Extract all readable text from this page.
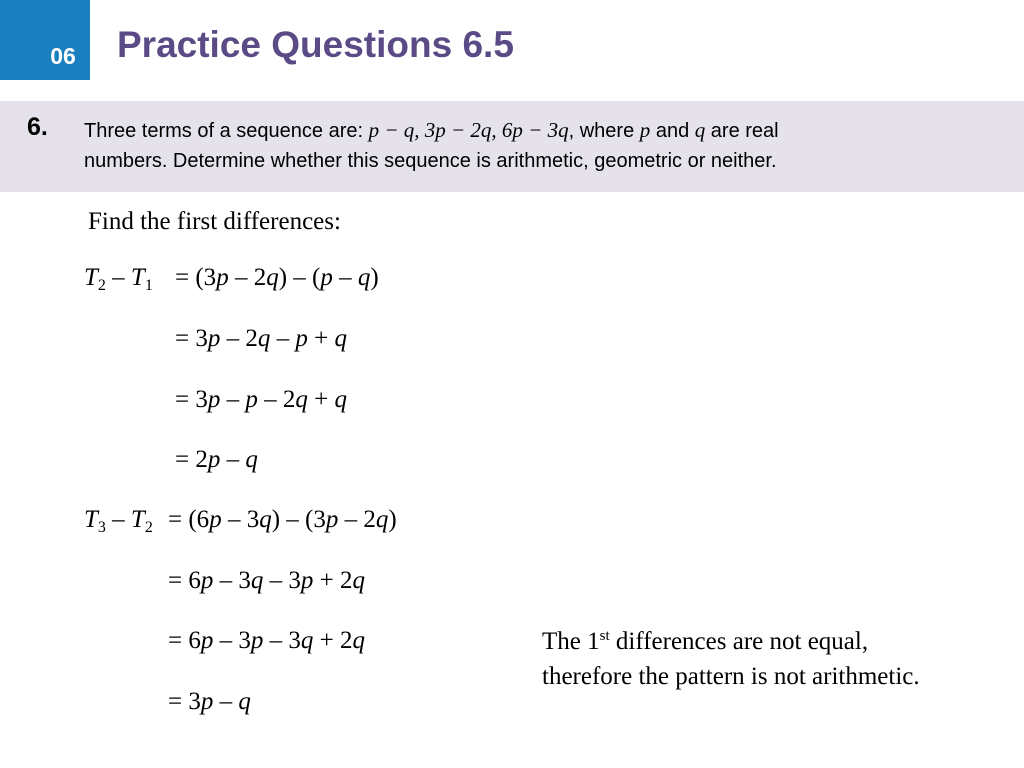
06 Practice Questions 6.5
6. Three terms of a sequence are: p − q, 3p − 2q, 6p − 3q, where p and q are real
numbers. Determine whether this sequence is arithmetic, geometric or neither.
Find the first differences:
$T_2 - T_1 = (3p - 2q) - (p - q)$
= 3p – 2q – p + q
= 3p – p – 2q + q
= 2p – q
$T_3 - T_2 = (6p - 3q) - (3p - 2q)$
= 6p – 3q – 3p + 2q
= 6p – 3p – 3q + 2q
= 3p – q
The 1st differences are not equal,
therefore the pattern is not arithmetic.
